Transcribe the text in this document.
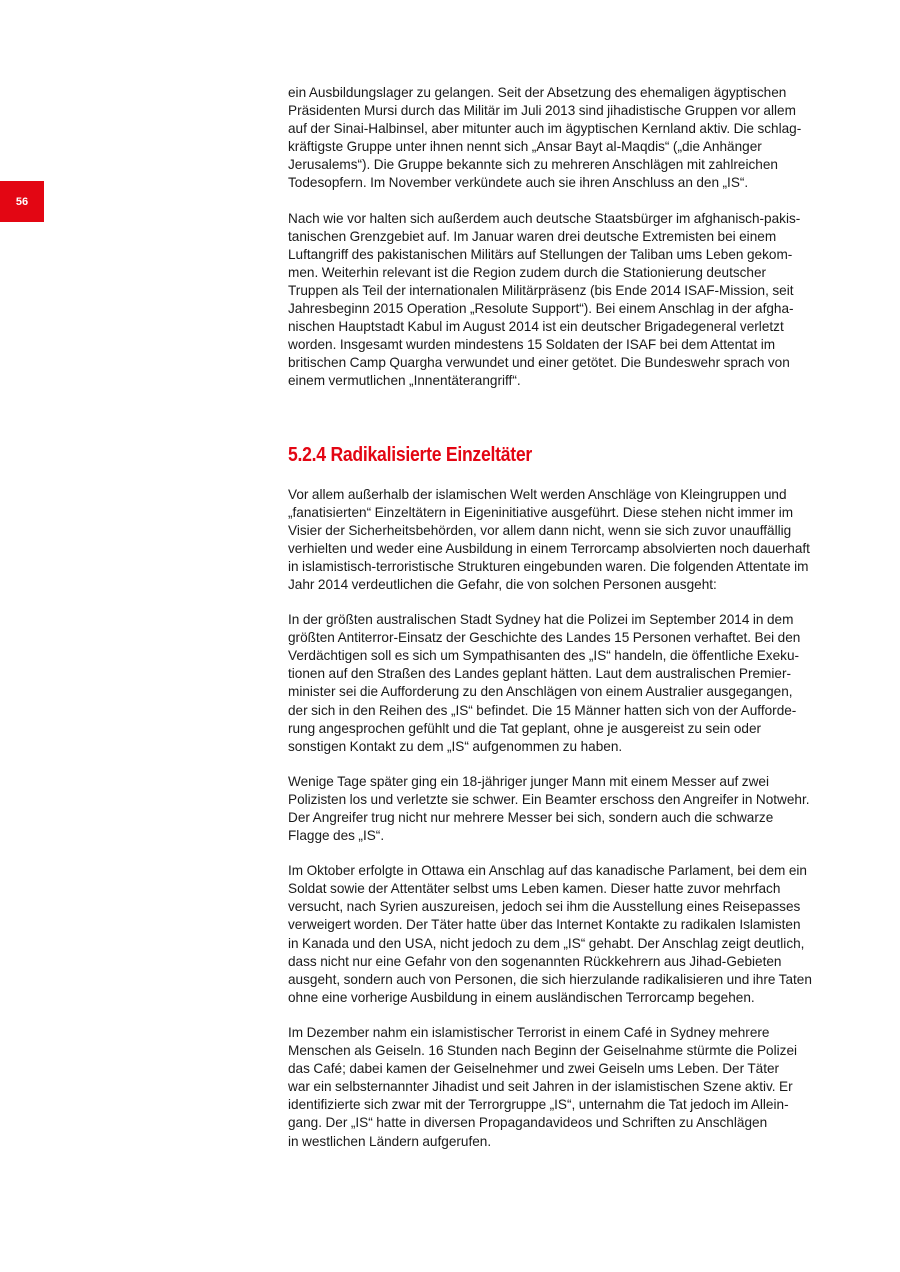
56

ein Ausbildungslager zu gelangen. Seit der Absetzung des ehemaligen ägyptischen
Präsidenten Mursi durch das Militär im Juli 2013 sind jihadistische Gruppen vor allem
auf der Sinai-Halbinsel, aber mitunter auch im ägyptischen Kernland aktiv. Die schlag-
kräftigste Gruppe unter ihnen nennt sich „Ansar Bayt al-Maqdis“ („die Anhänger
Jerusalems“). Die Gruppe bekannte sich zu mehreren Anschlägen mit zahlreichen
Todesopfern. Im November verkündete auch sie ihren Anschluss an den „IS“.

Nach wie vor halten sich außerdem auch deutsche Staatsbürger im afghanisch-pakis-
tanischen Grenzgebiet auf. Im Januar waren drei deutsche Extremisten bei einem
Luftangriff des pakistanischen Militärs auf Stellungen der Taliban ums Leben gekom-
men. Weiterhin relevant ist die Region zudem durch die Stationierung deutscher
Truppen als Teil der internationalen Militärpräsenz (bis Ende 2014 ISAF-Mission, seit
Jahresbeginn 2015 Operation „Resolute Support“). Bei einem Anschlag in der afgha-
nischen Hauptstadt Kabul im August 2014 ist ein deutscher Brigadegeneral verletzt
worden. Insgesamt wurden mindestens 15 Soldaten der ISAF bei dem Attentat im
britischen Camp Quargha verwundet und einer getötet. Die Bundeswehr sprach von
einem vermutlichen „Innentäterangriff“.

5.2.4 Radikalisierte Einzeltäter

Vor allem außerhalb der islamischen Welt werden Anschläge von Kleingruppen und
„fanatisierten“ Einzeltätern in Eigeninitiative ausgeführt. Diese stehen nicht immer im
Visier der Sicherheitsbehörden, vor allem dann nicht, wenn sie sich zuvor unauffällig
verhielten und weder eine Ausbildung in einem Terrorcamp absolvierten noch dauerhaft
in islamistisch-terroristische Strukturen eingebunden waren. Die folgenden Attentate im
Jahr 2014 verdeutlichen die Gefahr, die von solchen Personen ausgeht:

In der größten australischen Stadt Sydney hat die Polizei im September 2014 in dem
größten Antiterror-Einsatz der Geschichte des Landes 15 Personen verhaftet. Bei den
Verdächtigen soll es sich um Sympathisanten des „IS“ handeln, die öffentliche Exeku-
tionen auf den Straßen des Landes geplant hätten. Laut dem australischen Premier-
minister sei die Aufforderung zu den Anschlägen von einem Australier ausgegangen,
der sich in den Reihen des „IS“ befindet. Die 15 Männer hatten sich von der Aufforde-
rung angesprochen gefühlt und die Tat geplant, ohne je ausgereist zu sein oder
sonstigen Kontakt zu dem „IS“ aufgenommen zu haben.

Wenige Tage später ging ein 18-jähriger junger Mann mit einem Messer auf zwei
Polizisten los und verletzte sie schwer. Ein Beamter erschoss den Angreifer in Notwehr.
Der Angreifer trug nicht nur mehrere Messer bei sich, sondern auch die schwarze
Flagge des „IS“.

Im Oktober erfolgte in Ottawa ein Anschlag auf das kanadische Parlament, bei dem ein
Soldat sowie der Attentäter selbst ums Leben kamen. Dieser hatte zuvor mehrfach
versucht, nach Syrien auszureisen, jedoch sei ihm die Ausstellung eines Reisepasses
verweigert worden. Der Täter hatte über das Internet Kontakte zu radikalen Islamisten
in Kanada und den USA, nicht jedoch zu dem „IS“ gehabt. Der Anschlag zeigt deutlich,
dass nicht nur eine Gefahr von den sogenannten Rückkehrern aus Jihad-Gebieten
ausgeht, sondern auch von Personen, die sich hierzulande radikalisieren und ihre Taten
ohne eine vorherige Ausbildung in einem ausländischen Terrorcamp begehen.

Im Dezember nahm ein islamistischer Terrorist in einem Café in Sydney mehrere
Menschen als Geiseln. 16 Stunden nach Beginn der Geiselnahme stürmte die Polizei
das Café; dabei kamen der Geiselnehmer und zwei Geiseln ums Leben. Der Täter
war ein selbsternannter Jihadist und seit Jahren in der islamistischen Szene aktiv. Er
identifizierte sich zwar mit der Terrorgruppe „IS“, unternahm die Tat jedoch im Allein-
gang. Der „IS“ hatte in diversen Propagandavideos und Schriften zu Anschlägen
in westlichen Ländern aufgerufen.
